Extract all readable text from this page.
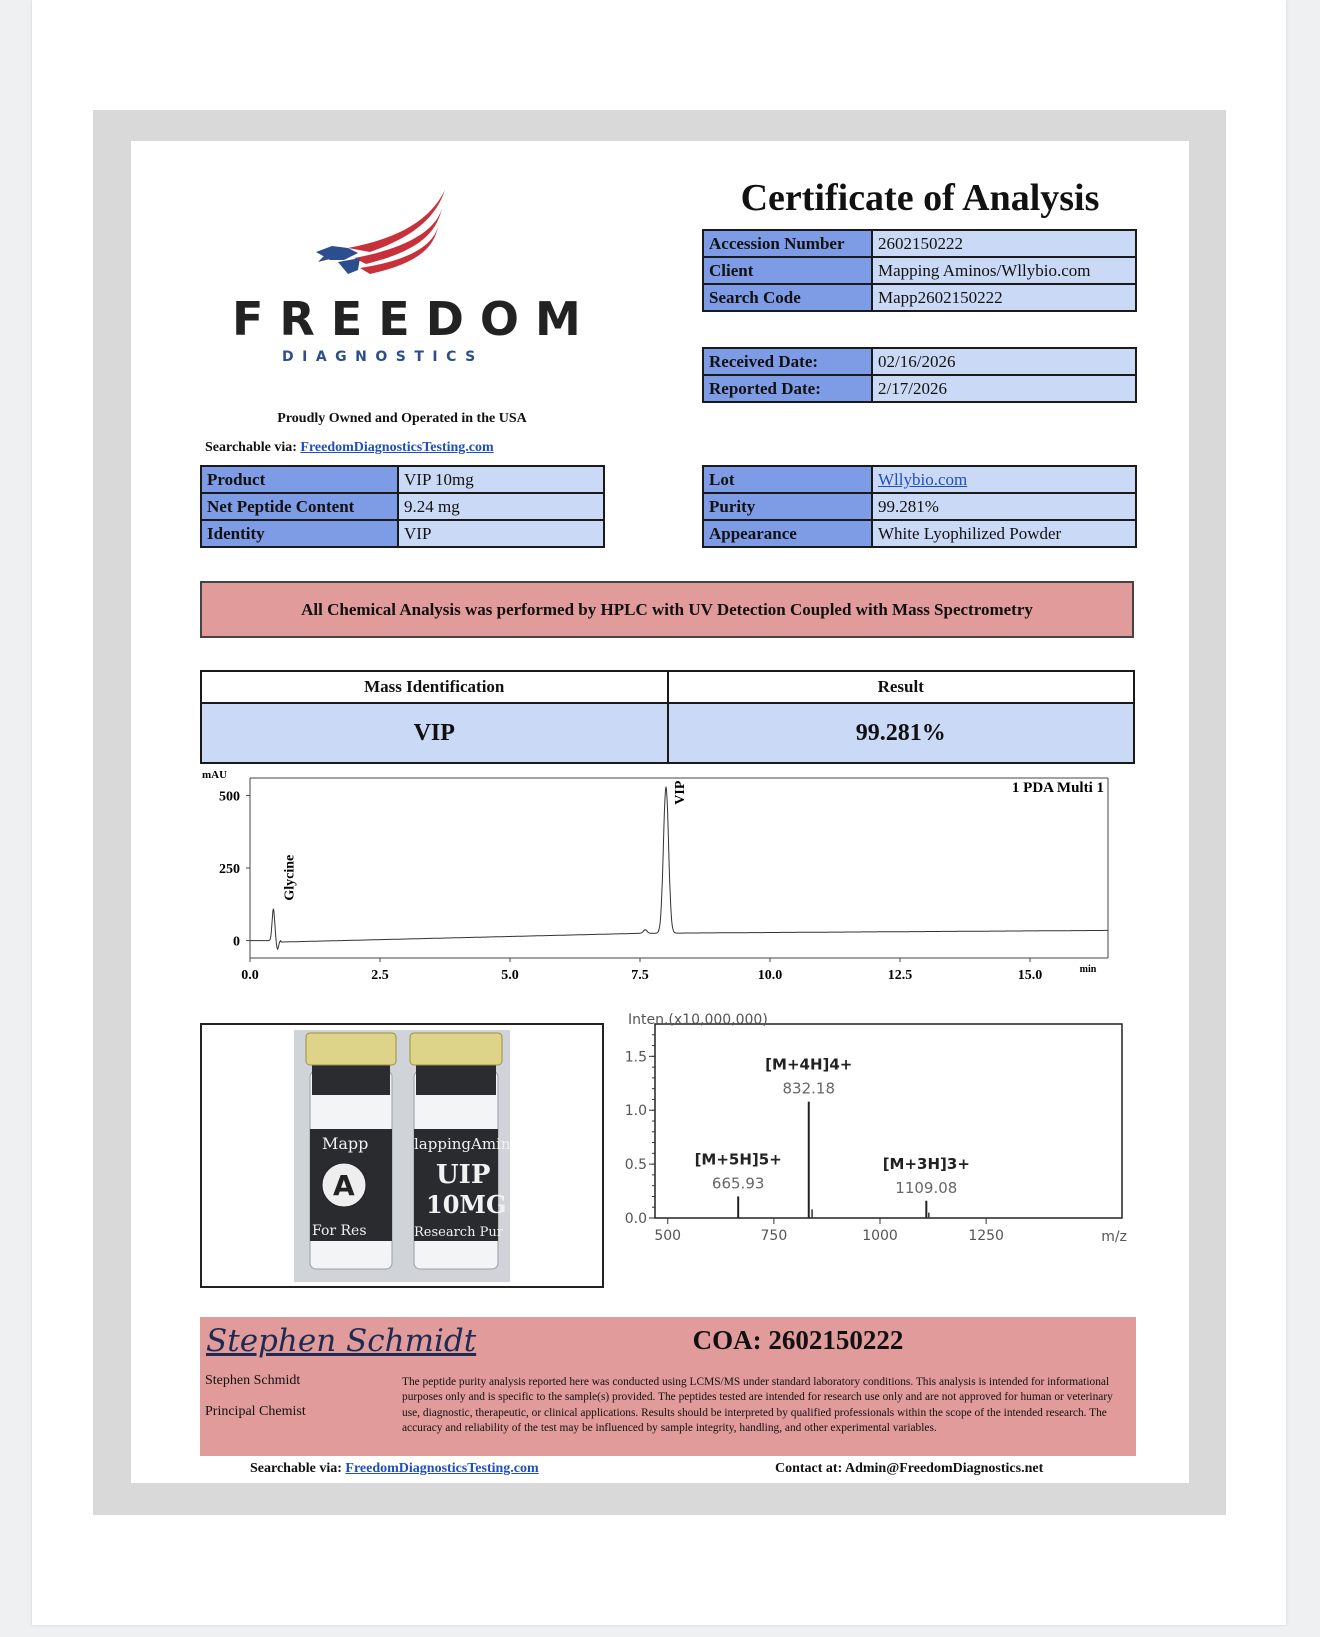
FREEDOM
DIAGNOSTICS
Proudly Owned and Operated in the USA
Searchable via: FreedomDiagnosticsTesting.com
Certificate of Analysis
Accession Number	2602150222
Client	Mapping Aminos/Wllybio.com
Search Code	Mapp2602150222
Received Date:	02/16/2026
Reported Date:	2/17/2026
Product	VIP 10mg
Net Peptide Content	9.24 mg
Identity	VIP
Lot	Wllybio.com
Purity	99.281%
Appearance	White Lyophilized Powder
All Chemical Analysis was performed by HPLC with UV Detection Coupled with Mass Spectrometry
Mass Identification	Result
VIP	99.281%
mAU
0
250
500
0.0	2.5	5.0	7.5	10.0	12.5	15.0	min
1 PDA Multi 1
Glycine
VIP
Mapp
A
For Res
lappingAmin
UIP
10MG
Research Pur
Inten.(x10,000,000)
0.0
0.5
1.0
1.5
500	750	1000	1250	m/z
665.93
[M+5H]5+
832.18
[M+4H]4+
1109.08
[M+3H]3+
Stephen Schmidt
Stephen Schmidt
Principal Chemist
COA: 2602150222
The peptide purity analysis reported here was conducted using LCMS/MS under standard laboratory conditions. This analysis is intended for informational purposes only and is specific to the sample(s) provided. The peptides tested are intended for research use only and are not approved for human or veterinary use, diagnostic, therapeutic, or clinical applications. Results should be interpreted by qualified professionals within the scope of the intended research. The accuracy and reliability of the test may be influenced by sample integrity, handling, and other experimental variables.
Searchable via: FreedomDiagnosticsTesting.com	Contact at: Admin@FreedomDiagnostics.net
